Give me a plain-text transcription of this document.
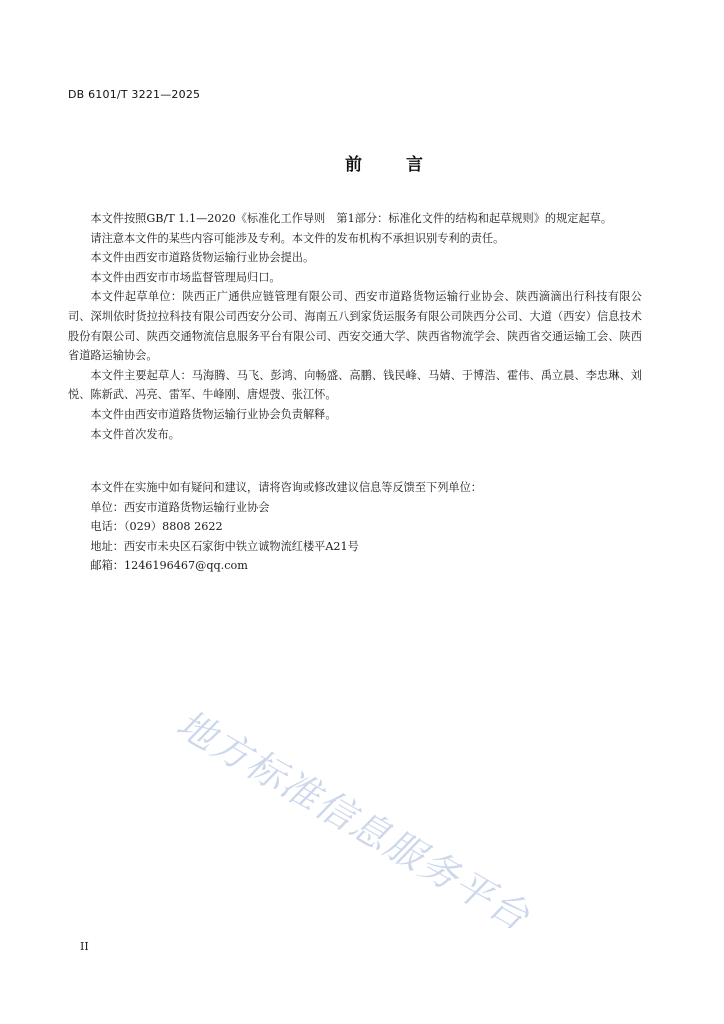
DB 6101/T 3221—2025
前言

本文件按照GB/T 1.1—2020《标准化工作导则　第1部分：标准化文件的结构和起草规则》的规定起草。

请注意本文件的某些内容可能涉及专利。本文件的发布机构不承担识别专利的责任。

本文件由西安市道路货物运输行业协会提出。

本文件由西安市市场监督管理局归口。

本文件起草单位：陕西正广通供应链管理有限公司、西安市道路货物运输行业协会、陕西滴滴出行科技有限公司、深圳依时货拉拉科技有限公司西安分公司、海南五八到家货运服务有限公司陕西分公司、大道（西安）信息技术股份有限公司、陕西交通物流信息服务平台有限公司、西安交通大学、陕西省物流学会、陕西省交通运输工会、陕西省道路运输协会。

本文件主要起草人：马海腾、马飞、彭鸿、向畅盛、高鹏、钱民峰、马婧、于博浩、霍伟、禹立晨、李忠琳、刘悦、陈新武、冯亮、雷军、牛峰刚、唐煜弢、张江怀。

本文件由西安市道路货物运输行业协会负责解释。

本文件首次发布。

本文件在实施中如有疑问和建议，请将咨询或修改建议信息等反馈至下列单位：

单位：西安市道路货物运输行业协会

电话：（029）8808 2622

地址：西安市未央区石家街中铁立诚物流红楼平A21号

邮箱：1246196467@qq.com

地方标准信息服务平台
II
